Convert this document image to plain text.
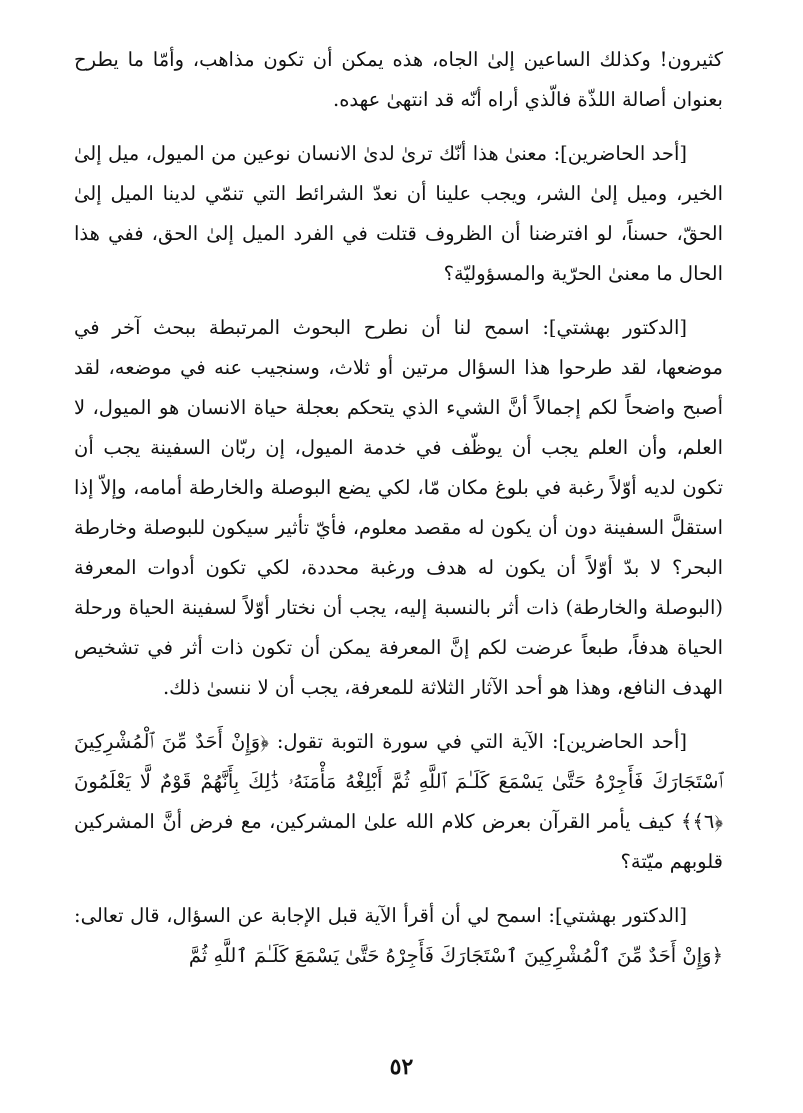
كثيرون! وكذلك الساعين إلىٰ الجاه، هذه يمكن أن تكون مذاهب، وأمّا ما يطرح بعنوان أصالة اللذّة فالّذي أراه أنّه قد انتهىٰ عهده.

[أحد الحاضرين]: معنىٰ هذا أنّك ترىٰ لدىٰ الانسان نوعين من الميول، ميل إلىٰ الخير، وميل إلىٰ الشر، ويجب علينا أن نعدّ الشرائط التي تنمّي لدينا الميل إلىٰ الحقّ، حسناً، لو افترضنا أن الظروف قتلت في الفرد الميل إلىٰ الحق، ففي هذا الحال ما معنىٰ الحرّية والمسؤوليّة؟

[الدكتور بهشتي]: اسمح لنا أن نطرح البحوث المرتبطة ببحث آخر في موضعها، لقد طرحوا هذا السؤال مرتين أو ثلاث، وسنجيب عنه في موضعه، لقد أصبح واضحاً لكم إجمالاً أنَّ الشيء الذي يتحكم بعجلة حياة الانسان هو الميول، لا العلم، وأن العلم يجب أن يوظّف في خدمة الميول، إن ربّان السفينة يجب أن تكون لديه أوّلاً رغبة في بلوغ مكان مّا، لكي يضع البوصلة والخارطة أمامه، وإلاّ إذا استقلَّ السفينة دون أن يكون له مقصد معلوم، فأيّ تأثير سيكون للبوصلة وخارطة البحر؟ لا بدّ أوّلاً أن يكون له هدف ورغبة محددة، لكي تكون أدوات المعرفة (البوصلة والخارطة) ذات أثر بالنسبة إليه، يجب أن نختار أوّلاً لسفينة الحياة ورحلة الحياة هدفاً، طبعاً عرضت لكم إنَّ المعرفة يمكن أن تكون ذات أثر في تشخيص الهدف النافع، وهذا هو أحد الآثار الثلاثة للمعرفة، يجب أن لا ننسىٰ ذلك.

[أحد الحاضرين]: الآية التي في سورة التوبة تقول: ﴿وَإِنْ أَحَدٌ مِّنَ ٱلْمُشْرِكِينَ ٱسْتَجَارَكَ فَأَجِرْهُ حَتَّىٰ يَسْمَعَ كَلَـٰمَ ٱللَّهِ ثُمَّ أَبْلِغْهُ مَأْمَنَهُۥ ذَٰلِكَ بِأَنَّهُمْ قَوْمٌ لَّا يَعْلَمُونَ ﴿٦﴾﴾ كيف يأمر القرآن بعرض كلام الله علىٰ المشركين، مع فرض أنَّ المشركين قلوبهم ميّتة؟

[الدكتور بهشتي]: اسمح لي أن أقرأ الآية قبل الإجابة عن السؤال، قال تعالى: ﴿وَإِنْ أَحَدٌ مِّنَ ٱلْمُشْرِكِينَ ٱسْتَجَارَكَ فَأَجِرْهُ حَتَّىٰ يَسْمَعَ كَلَـٰمَ ٱللَّهِ ثُمَّ

٥٢
